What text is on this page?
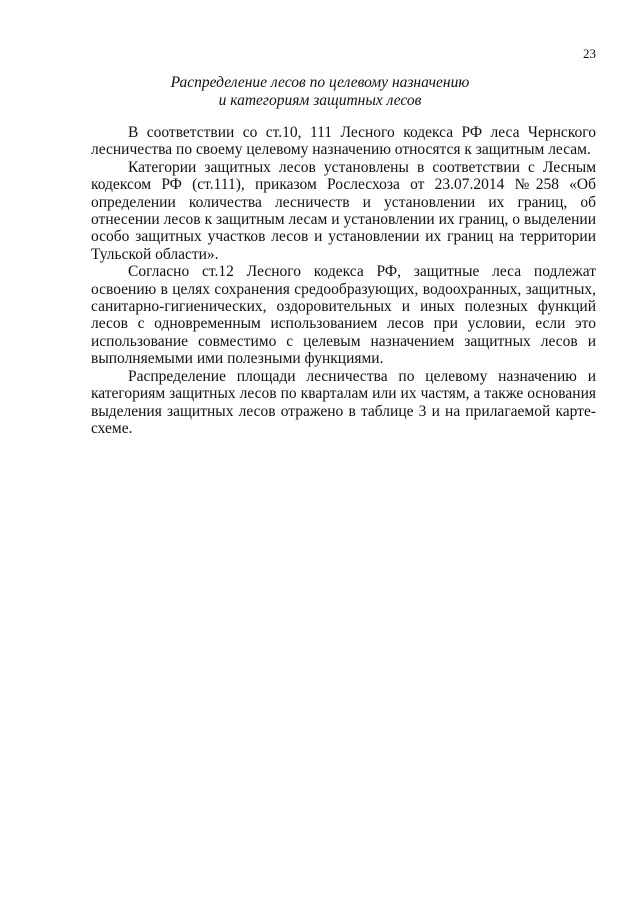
23
Распределение лесов по целевому назначению
и категориям защитных лесов

В соответствии со ст.10, 111 Лесного кодекса РФ леса Чернского лесничества по своему целевому назначению относятся к защитным лесам.

Категории защитных лесов установлены в соответствии с Лесным кодексом РФ (ст.111), приказом Рослесхоза от 23.07.2014 №258 «Об определении количества лесничеств и установлении их границ, об отнесении лесов к защитным лесам и установлении их границ, о выделении особо защитных участков лесов и установлении их границ на территории Тульской области».

Согласно ст.12 Лесного кодекса РФ, защитные леса подлежат освоению в целях сохранения средообразующих, водоохранных, защитных, санитарно-гигиенических, оздоровительных и иных полезных функций лесов с одновременным использованием лесов при условии, если это использование совместимо с целевым назначением защитных лесов и выполняемыми ими полезными функциями.

Распределение площади лесничества по целевому назначению и категориям защитных лесов по кварталам или их частям, а также основания выделения защитных лесов отражено в таблице 3 и на прилагаемой карте-схеме.
